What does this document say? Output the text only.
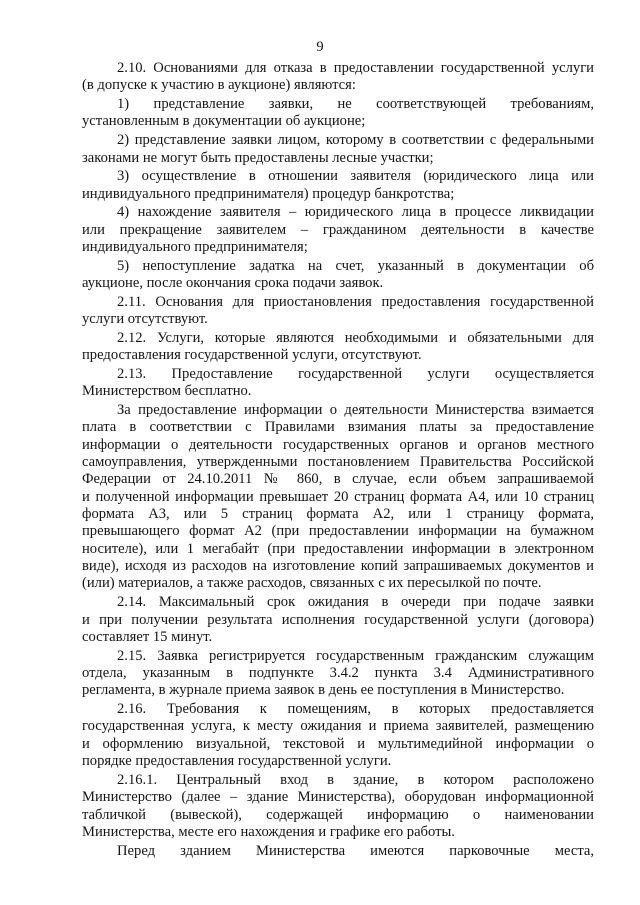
9
2.10. Основаниями для отказа в предоставлении государственной услуги
(в допуске к участию в аукционе) являются:
1) представление заявки, не соответствующей требованиям,
установленным в документации об аукционе;
2) представление заявки лицом, которому в соответствии с федеральными
законами не могут быть предоставлены лесные участки;
3) осуществление в отношении заявителя (юридического лица или
индивидуального предпринимателя) процедур банкротства;
4) нахождение заявителя – юридического лица в процессе ликвидации
или прекращение заявителем – гражданином деятельности в качестве
индивидуального предпринимателя;
5) непоступление задатка на счет, указанный в документации об
аукционе, после окончания срока подачи заявок.
2.11. Основания для приостановления предоставления государственной
услуги отсутствуют.
2.12. Услуги, которые являются необходимыми и обязательными для
предоставления государственной услуги, отсутствуют.
2.13. Предоставление государственной услуги осуществляется
Министерством бесплатно.
За предоставление информации о деятельности Министерства взимается
плата в соответствии с Правилами взимания платы за предоставление
информации о деятельности государственных органов и органов местного
самоуправления, утвержденными постановлением Правительства Российской
Федерации от 24.10.2011 № 860, в случае, если объем запрашиваемой
и полученной информации превышает 20 страниц формата А4, или 10 страниц
формата А3, или 5 страниц формата А2, или 1 страницу формата,
превышающего формат А2 (при предоставлении информации на бумажном
носителе), или 1 мегабайт (при предоставлении информации в электронном
виде), исходя из расходов на изготовление копий запрашиваемых документов и
(или) материалов, а также расходов, связанных с их пересылкой по почте.
2.14. Максимальный срок ожидания в очереди при подаче заявки
и при получении результата исполнения государственной услуги (договора)
составляет 15 минут.
2.15. Заявка регистрируется государственным гражданским служащим
отдела, указанным в подпункте 3.4.2 пункта 3.4 Административного
регламента, в журнале приема заявок в день ее поступления в Министерство.
2.16. Требования к помещениям, в которых предоставляется
государственная услуга, к месту ожидания и приема заявителей, размещению
и оформлению визуальной, текстовой и мультимедийной информации о
порядке предоставления государственной услуги.
2.16.1. Центральный вход в здание, в котором расположено
Министерство (далее – здание Министерства), оборудован информационной
табличкой (вывеской), содержащей информацию о наименовании
Министерства, месте его нахождения и графике его работы.
Перед зданием Министерства имеются парковочные места,
